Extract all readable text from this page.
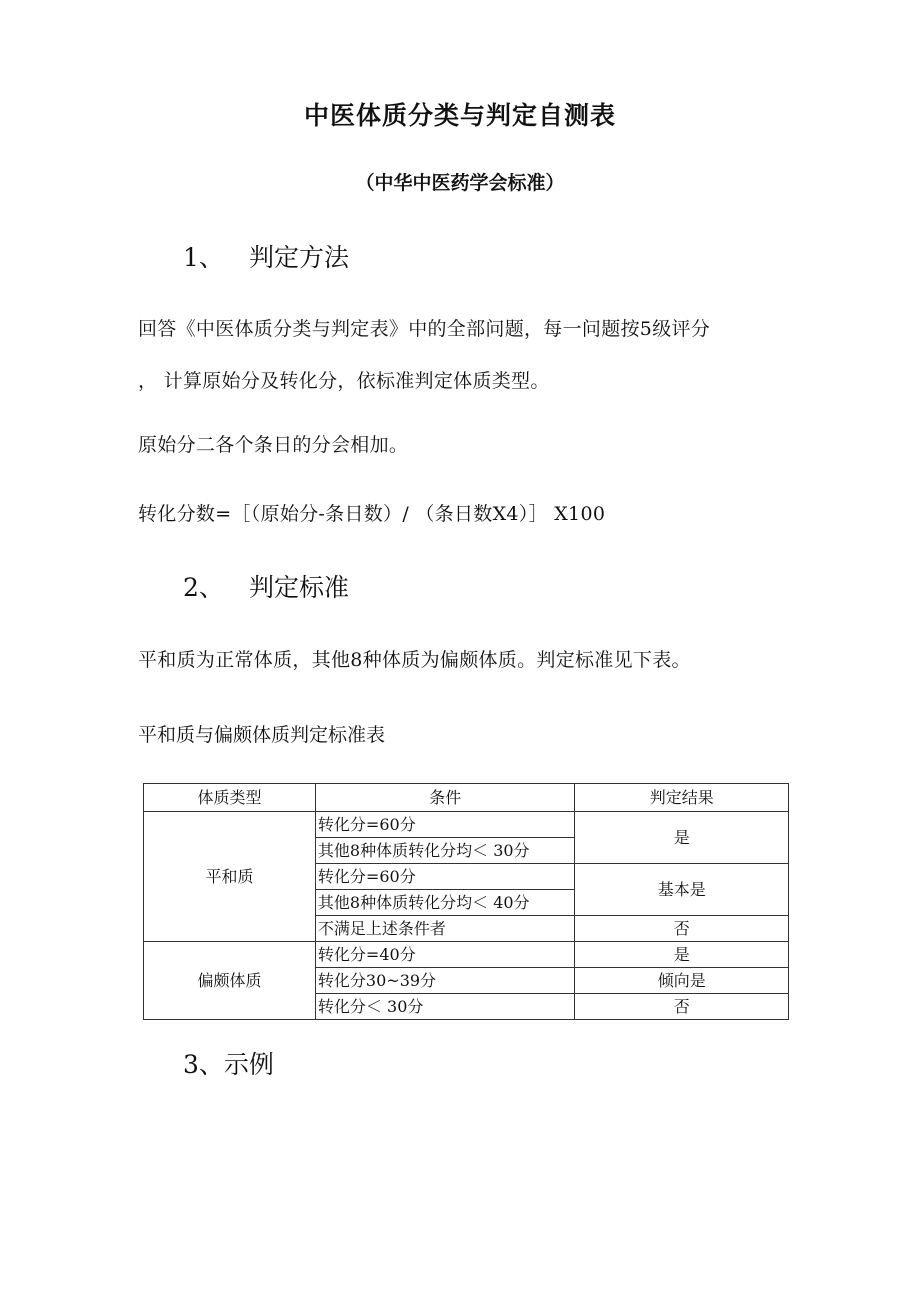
中医体质分类与判定自测表
（中华中医药学会标准）
1、 判定方法
回答《中医体质分类与判定表》中的全部问题，每一问题按5级评分
， 计算原始分及转化分，依标准判定体质类型。
原始分二各个条日的分会相加。
转化分数=［（原始分-条日数）/ （条日数X4）］ X100
2、 判定标准
平和质为正常体质，其他8种体质为偏颇体质。判定标准见下表。
平和质与偏颇体质判定标准表
体质类型	条件	判定结果
平和质	转化分=60分	是
	其他8种体质转化分均＜ 30分	
	转化分=60分	基本是
	其他8种体质转化分均＜ 40分	
	不满足上述条件者	否
偏颇体质	转化分=40分	是
	转化分30~39分	倾向是
	转化分＜ 30分	否
3、示例
